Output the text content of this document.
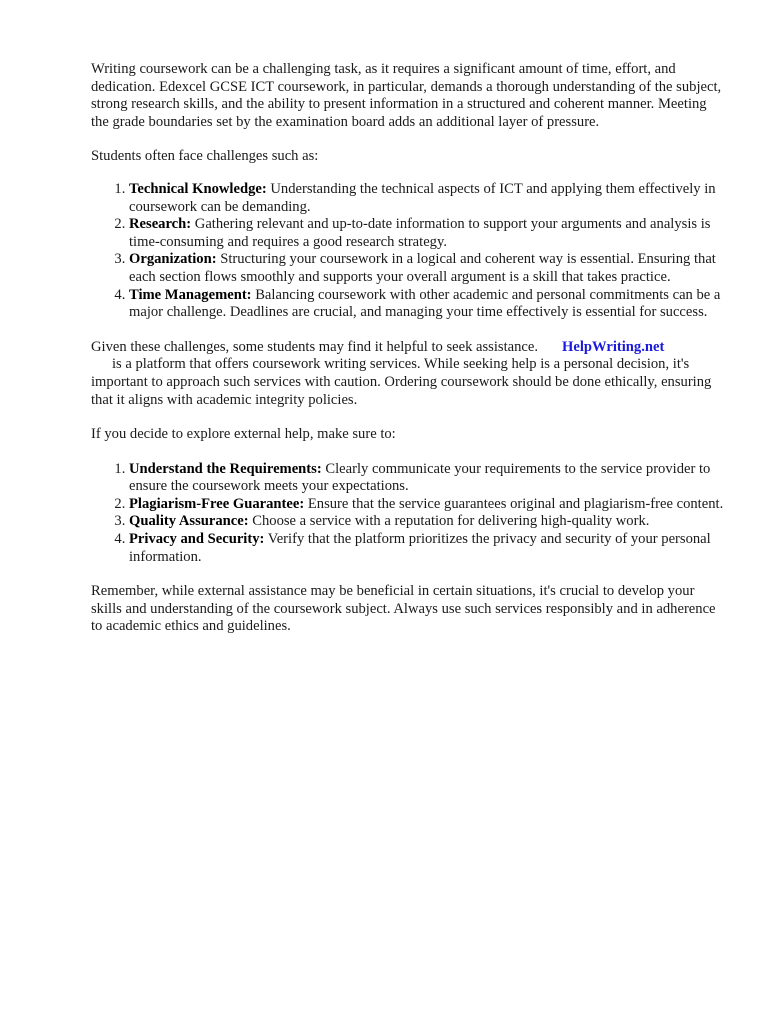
Writing coursework can be a challenging task, as it requires a significant amount of time, effort, and dedication. Edexcel GCSE ICT coursework, in particular, demands a thorough understanding of the subject, strong research skills, and the ability to present information in a structured and coherent manner. Meeting the grade boundaries set by the examination board adds an additional layer of pressure.

Students often face challenges such as:

1. Technical Knowledge: Understanding the technical aspects of ICT and applying them effectively in coursework can be demanding.
2. Research: Gathering relevant and up-to-date information to support your arguments and analysis is time-consuming and requires a good research strategy.
3. Organization: Structuring your coursework in a logical and coherent way is essential. Ensuring that each section flows smoothly and supports your overall argument is a skill that takes practice.
4. Time Management: Balancing coursework with other academic and personal commitments can be a major challenge. Deadlines are crucial, and managing your time effectively is essential for success.

Given these challenges, some students may find it helpful to seek assistance. HelpWriting.net
is a platform that offers coursework writing services. While seeking help is a personal decision, it's important to approach such services with caution. Ordering coursework should be done ethically, ensuring that it aligns with academic integrity policies.

If you decide to explore external help, make sure to:

1. Understand the Requirements: Clearly communicate your requirements to the service provider to ensure the coursework meets your expectations.
2. Plagiarism-Free Guarantee: Ensure that the service guarantees original and plagiarism-free content.
3. Quality Assurance: Choose a service with a reputation for delivering high-quality work.
4. Privacy and Security: Verify that the platform prioritizes the privacy and security of your personal information.

Remember, while external assistance may be beneficial in certain situations, it's crucial to develop your skills and understanding of the coursework subject. Always use such services responsibly and in adherence to academic ethics and guidelines.
